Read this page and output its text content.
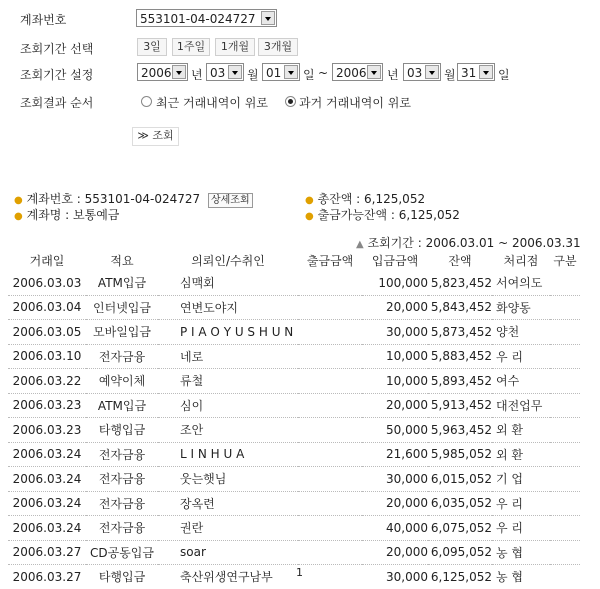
계좌번호	553101-04-024727
조회기간 선택	3일	1주일	1개월	3개월
조회기간 설정	2006	년 03	월 01	일 ~ 2006	년 03	월 31	일
조회결과 순서	최근 거래내역이 위로	과거 거래내역이 위로
≫ 조회
● 계좌번호 : 553101-04-024727 상세조회	● 총잔액 : 6,125,052
● 계좌명 : 보통예금	● 출금가능잔액 : 6,125,052
▲ 조회기간 : 2006.03.01 ~ 2006.03.31
거래일	적요	의뢰인/수취인	출금금액	입금금액	잔액	처리점	구분
2006.03.03	ATM입금	심맥회		100,000	5,823,452	서여의도	
2006.03.04	인터넷입금	연변도야지		20,000	5,843,452	화양동	
2006.03.05	모바일입금	P I A O Y U S H U N		30,000	5,873,452	양천	
2006.03.10	전자금융	네로		10,000	5,883,452	우 리	
2006.03.22	예약이체	류철		10,000	5,893,452	여수	
2006.03.23	ATM입금	심이		20,000	5,913,452	대전업무	
2006.03.23	타행입금	조안		50,000	5,963,452	외 환	
2006.03.24	전자금융	L I N H U A		21,600	5,985,052	외 환	
2006.03.24	전자금융	웃는햇님		30,000	6,015,052	기 업	
2006.03.24	전자금융	장옥련		20,000	6,035,052	우 리	
2006.03.24	전자금융	권란		40,000	6,075,052	우 리	
2006.03.27	CD공동입금	soar		20,000	6,095,052	농 협	
2006.03.27	타행입금	축산위생연구남부		30,000	6,125,052	농 협	
1
